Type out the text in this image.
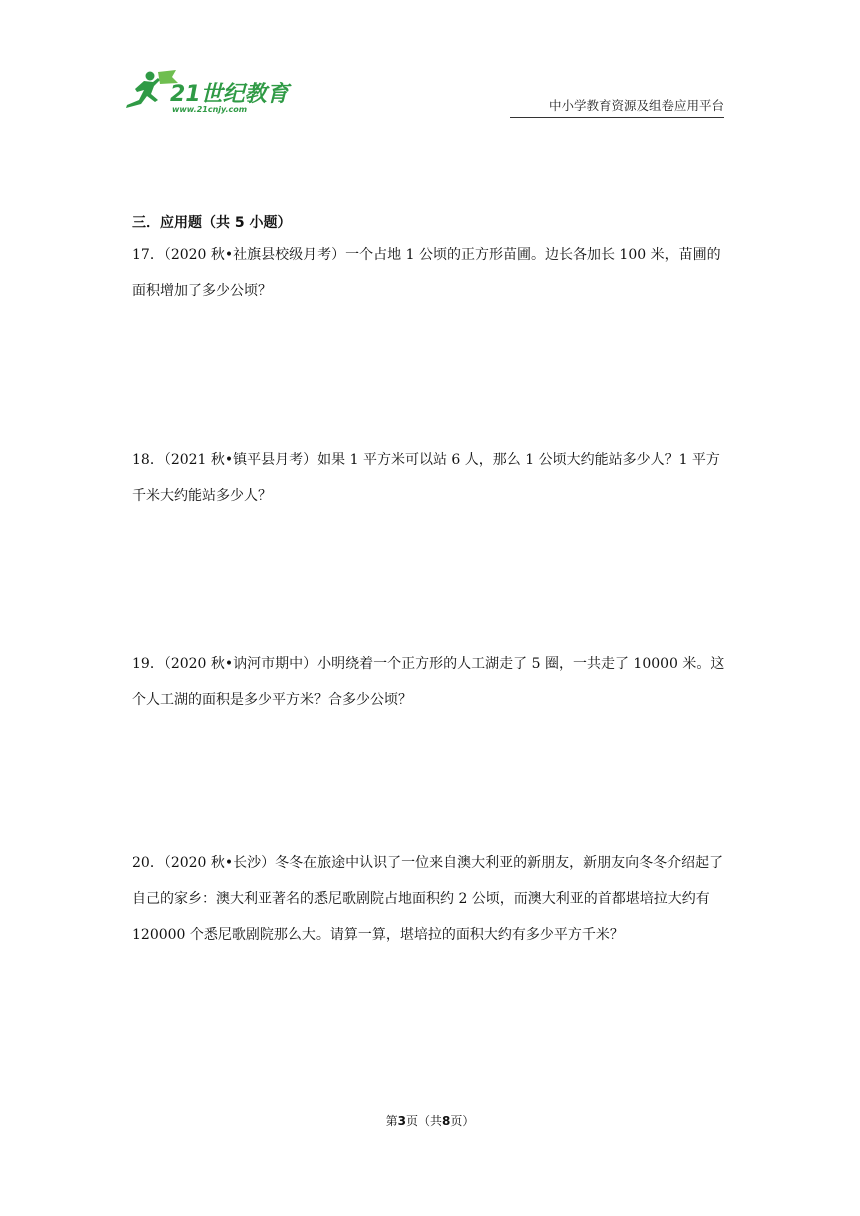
21世纪教育
www.21cnjy.com	中小学教育资源及组卷应用平台
三．应用题（共 5 小题）
17．（2020 秋•社旗县校级月考）一个占地 1 公顷的正方形苗圃。边长各加长 100 米，苗圃的面积增加了多少公顷？
18．（2021 秋•镇平县月考）如果 1 平方米可以站 6 人，那么 1 公顷大约能站多少人？1 平方千米大约能站多少人？
19．（2020 秋•讷河市期中）小明绕着一个正方形的人工湖走了 5 圈，一共走了 10000 米。这个人工湖的面积是多少平方米？合多少公顷？
20．（2020 秋•长沙）冬冬在旅途中认识了一位来自澳大利亚的新朋友，新朋友向冬冬介绍起了自己的家乡：澳大利亚著名的悉尼歌剧院占地面积约 2 公顷，而澳大利亚的首都堪培拉大约有 120000 个悉尼歌剧院那么大。请算一算，堪培拉的面积大约有多少平方千米？
第3页（共8页）
